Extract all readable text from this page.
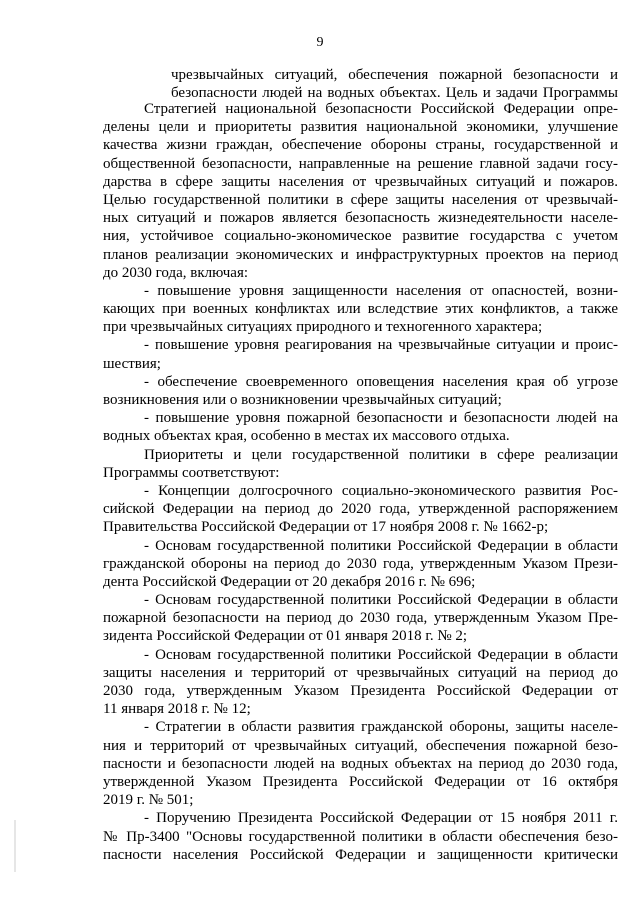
9
чрезвычайных ситуаций, обеспечения пожарной безопасности и
безопасности людей на водных объектах. Цель и задачи Программы
Стратегией национальной безопасности Российской Федерации опре-
делены цели и приоритеты развития национальной экономики, улучшение
качества жизни граждан, обеспечение обороны страны, государственной и
общественной безопасности, направленные на решение главной задачи госу-
дарства в сфере защиты населения от чрезвычайных ситуаций и пожаров.
Целью государственной политики в сфере защиты населения от чрезвычай-
ных ситуаций и пожаров является безопасность жизнедеятельности населе-
ния, устойчивое социально-экономическое развитие государства с учетом
планов реализации экономических и инфраструктурных проектов на период
до 2030 года, включая:
- повышение уровня защищенности населения от опасностей, возни-
кающих при военных конфликтах или вследствие этих конфликтов, а также
при чрезвычайных ситуациях природного и техногенного характера;
- повышение уровня реагирования на чрезвычайные ситуации и проис-
шествия;
- обеспечение своевременного оповещения населения края об угрозе
возникновения или о возникновении чрезвычайных ситуаций;
- повышение уровня пожарной безопасности и безопасности людей на
водных объектах края, особенно в местах их массового отдыха.
Приоритеты и цели государственной политики в сфере реализации
Программы соответствуют:
- Концепции долгосрочного социально-экономического развития Рос-
сийской Федерации на период до 2020 года, утвержденной распоряжением
Правительства Российской Федерации от 17 ноября 2008 г. № 1662-р;
- Основам государственной политики Российской Федерации в области
гражданской обороны на период до 2030 года, утвержденным Указом Прези-
дента Российской Федерации от 20 декабря 2016 г. № 696;
- Основам государственной политики Российской Федерации в области
пожарной безопасности на период до 2030 года, утвержденным Указом Пре-
зидента Российской Федерации от 01 января 2018 г. № 2;
- Основам государственной политики Российской Федерации в области
защиты населения и территорий от чрезвычайных ситуаций на период до
2030 года, утвержденным Указом Президента Российской Федерации от
11 января 2018 г. № 12;
- Стратегии в области развития гражданской обороны, защиты населе-
ния и территорий от чрезвычайных ситуаций, обеспечения пожарной безо-
пасности и безопасности людей на водных объектах на период до 2030 года,
утвержденной Указом Президента Российской Федерации от 16 октября
2019 г. № 501;
- Поручению Президента Российской Федерации от 15 ноября 2011 г.
№ Пр-3400 "Основы государственной политики в области обеспечения безо-
пасности населения Российской Федерации и защищенности критически
